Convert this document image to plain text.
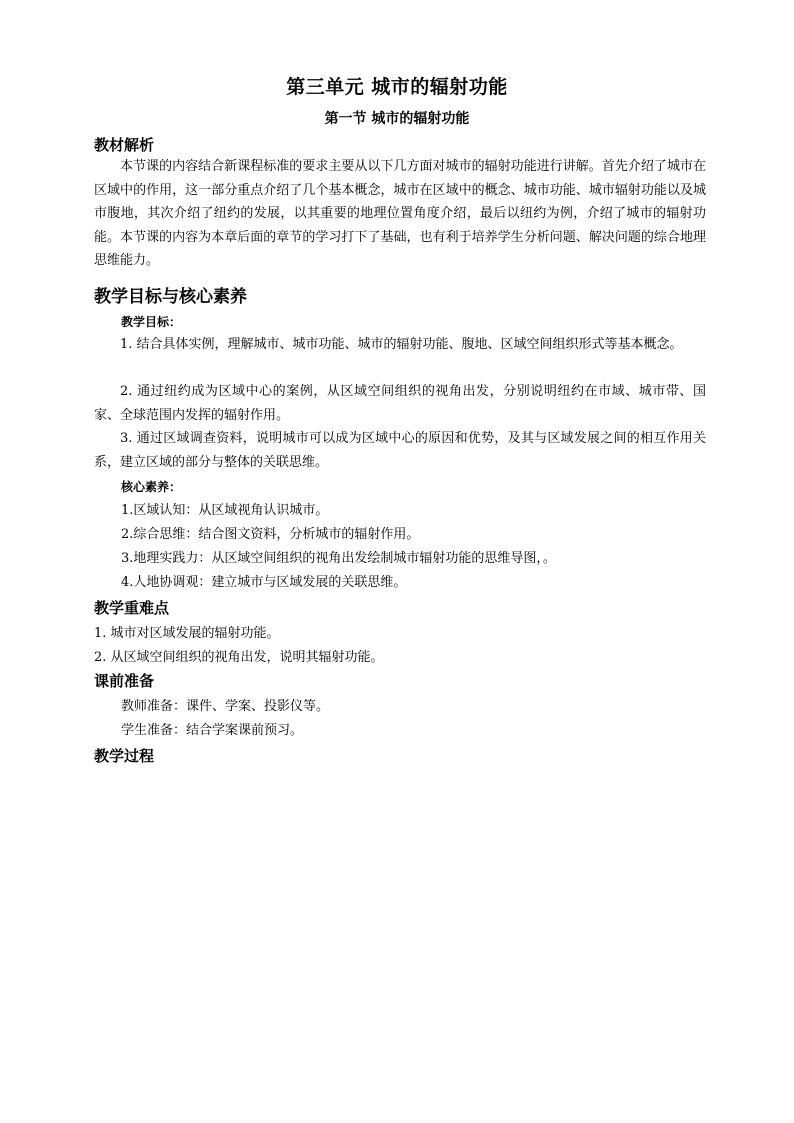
第三单元 城市的辐射功能
第一节 城市的辐射功能
教材解析
本节课的内容结合新课程标准的要求主要从以下几方面对城市的辐射功能进行讲解。首先介绍了城市在区域中的作用，这一部分重点介绍了几个基本概念，城市在区域中的概念、城市功能、城市辐射功能以及城市腹地，其次介绍了纽约的发展，以其重要的地理位置角度介绍，最后以纽约为例，介绍了城市的辐射功能。本节课的内容为本章后面的章节的学习打下了基础，也有利于培养学生分析问题、解决问题的综合地理思维能力。
教学目标与核心素养
教学目标：
1. 结合具体实例，理解城市、城市功能、城市的辐射功能、腹地、区域空间组织形式等基本概念。
2. 通过纽约成为区域中心的案例，从区域空间组织的视角出发，分别说明纽约在市域、城市带、国家、全球范围内发挥的辐射作用。
3. 通过区域调查资料，说明城市可以成为区域中心的原因和优势，及其与区域发展之间的相互作用关系，建立区域的部分与整体的关联思维。
核心素养：
1.区域认知：从区域视角认识城市。
2.综合思维：结合图文资料，分析城市的辐射作用。
3.地理实践力：从区域空间组织的视角出发绘制城市辐射功能的思维导图，。
4.人地协调观：建立城市与区域发展的关联思维。
教学重难点
1. 城市对区域发展的辐射功能。
2. 从区域空间组织的视角出发，说明其辐射功能。
课前准备
教师准备：课件、学案、投影仪等。
学生准备：结合学案课前预习。
教学过程
